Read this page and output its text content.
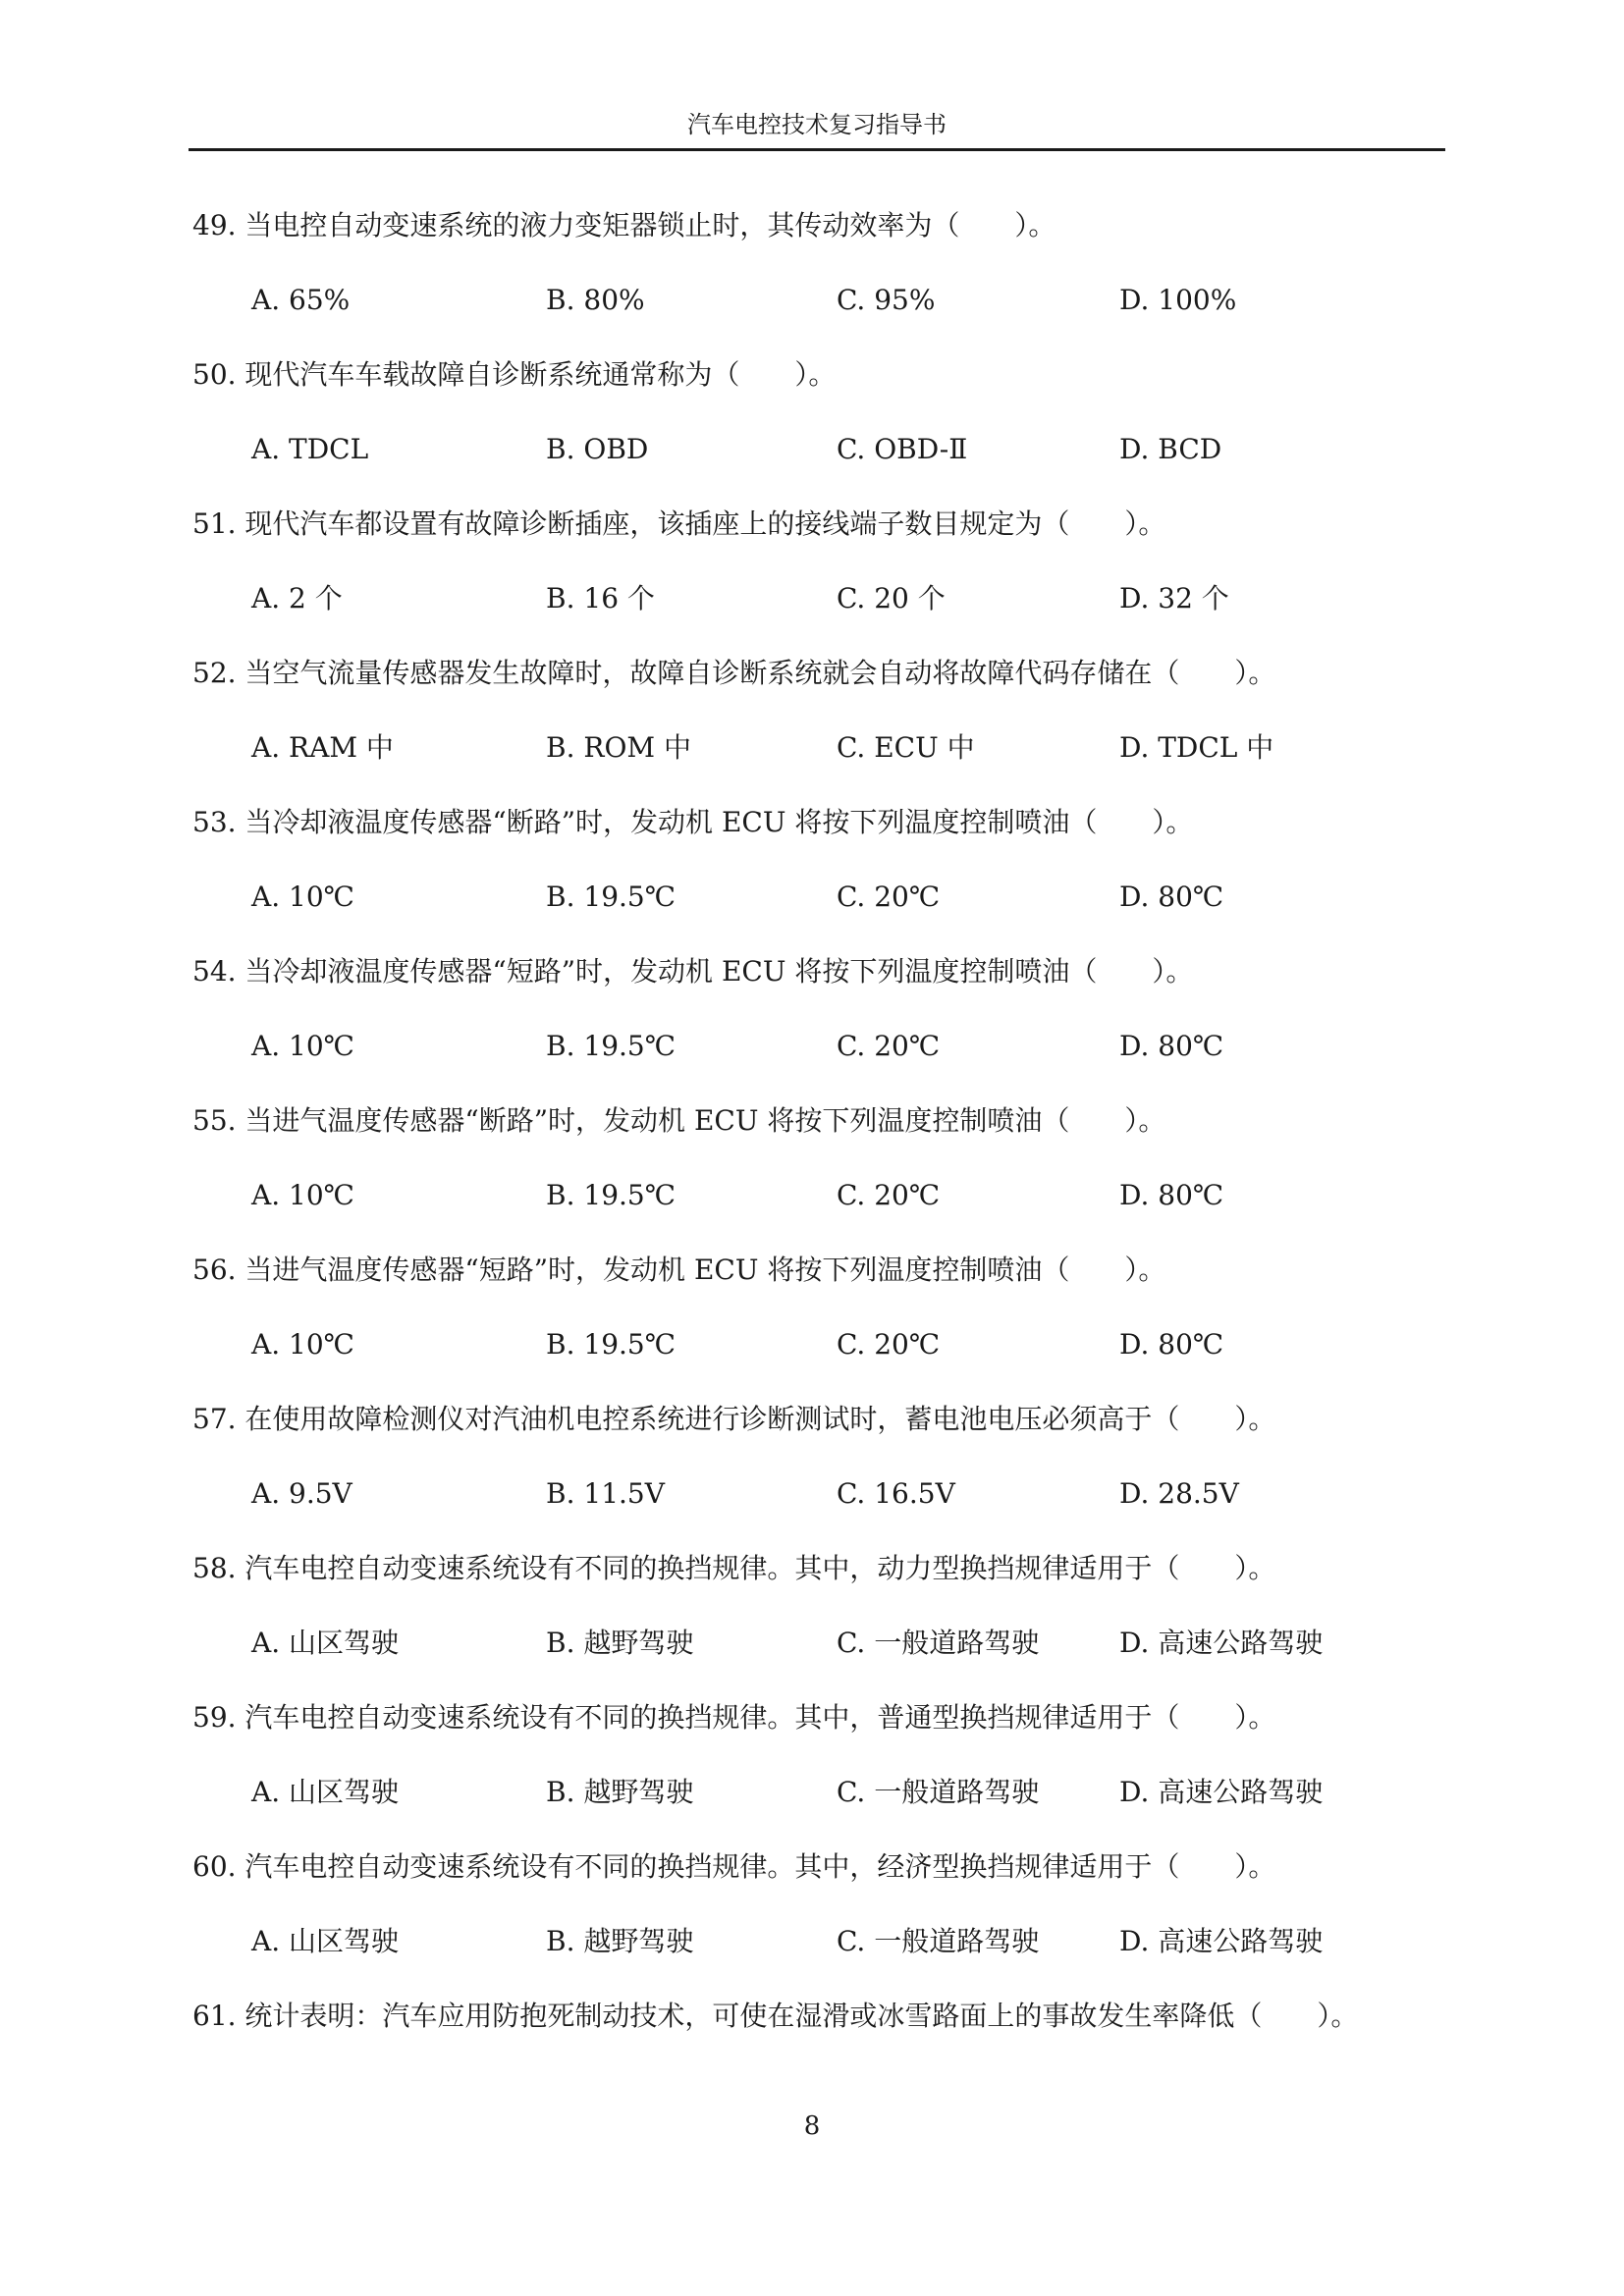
汽车电控技术复习指导书
49. 当电控自动变速系统的液力变矩器锁止时，其传动效率为（　　）。
A. 65%	B. 80%	C. 95%	D. 100%
50. 现代汽车车载故障自诊断系统通常称为（　　）。
A. TDCL	B. OBD	C. OBD-Ⅱ	D. BCD
51. 现代汽车都设置有故障诊断插座，该插座上的接线端子数目规定为（　　）。
A. 2 个	B. 16 个	C. 20 个	D. 32 个
52. 当空气流量传感器发生故障时，故障自诊断系统就会自动将故障代码存储在（　　）。
A. RAM 中	B. ROM 中	C. ECU 中	D. TDCL 中
53. 当冷却液温度传感器“断路”时，发动机 ECU 将按下列温度控制喷油（　　）。
A. 10℃	B. 19.5℃	C. 20℃	D. 80℃
54. 当冷却液温度传感器“短路”时，发动机 ECU 将按下列温度控制喷油（　　）。
A. 10℃	B. 19.5℃	C. 20℃	D. 80℃
55. 当进气温度传感器“断路”时，发动机 ECU 将按下列温度控制喷油（　　）。
A. 10℃	B. 19.5℃	C. 20℃	D. 80℃
56. 当进气温度传感器“短路”时，发动机 ECU 将按下列温度控制喷油（　　）。
A. 10℃	B. 19.5℃	C. 20℃	D. 80℃
57. 在使用故障检测仪对汽油机电控系统进行诊断测试时，蓄电池电压必须高于（　　）。
A. 9.5V	B. 11.5V	C. 16.5V	D. 28.5V
58. 汽车电控自动变速系统设有不同的换挡规律。其中，动力型换挡规律适用于（　　）。
A. 山区驾驶	B. 越野驾驶	C. 一般道路驾驶	D. 高速公路驾驶
59. 汽车电控自动变速系统设有不同的换挡规律。其中，普通型换挡规律适用于（　　）。
A. 山区驾驶	B. 越野驾驶	C. 一般道路驾驶	D. 高速公路驾驶
60. 汽车电控自动变速系统设有不同的换挡规律。其中，经济型换挡规律适用于（　　）。
A. 山区驾驶	B. 越野驾驶	C. 一般道路驾驶	D. 高速公路驾驶
61. 统计表明：汽车应用防抱死制动技术，可使在湿滑或冰雪路面上的事故发生率降低（　　）。
8
